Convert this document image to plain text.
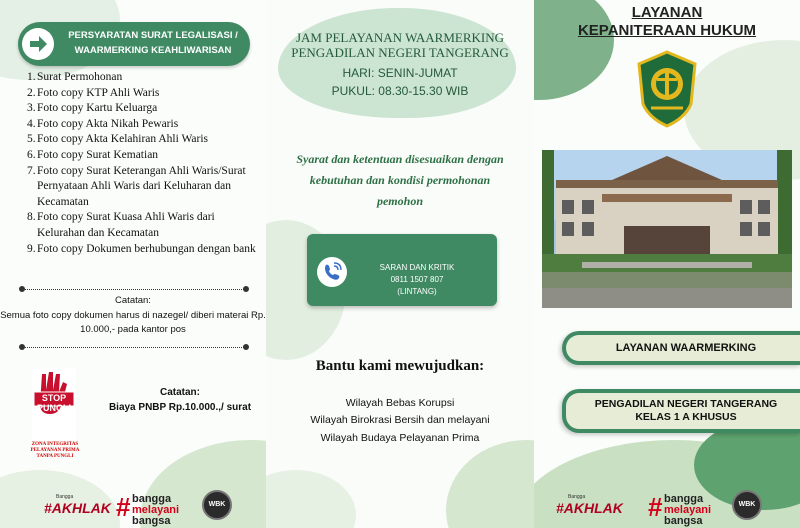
PERSYARATAN SURAT LEGALISASI / WAARMERKING KEAHLIWARISAN
1. Surat Permohonan
2. Foto copy KTP Ahli Waris
3. Foto copy Kartu Keluarga
4. Foto copy Akta Nikah Pewaris
5. Foto copy Akta Kelahiran Ahli Waris
6. Foto copy Surat Kematian
7. Foto copy Surat Keterangan Ahli Waris/Surat Pernyataan Ahli Waris dari Keluharan dan Kecamatan
8. Foto copy Surat Kuasa Ahli Waris dari Kelurahan dan Kecamatan
9. Foto copy Dokumen berhubungan dengan bank
Catatan:
Semua foto copy dokumen harus di nazegel/ diberi materai Rp. 10.000,- pada kantor pos
STOP PUNGLI
ZONA INTEGRITAS PELAYANAN PRIMA TANPA PUNGLI
Catatan:
Biaya PNBP Rp.10.000.,/ surat
Bangga
#AKHLAK # bangga
melayani
bangsa
WBK
JAM PELAYANAN WAARMERKING PENGADILAN NEGERI TANGERANG
HARI: SENIN-JUMAT
PUKUL: 08.30-15.30 WIB
Syarat dan ketentuan disesuaikan dengan kebutuhan dan kondisi permohonan pemohon
SARAN DAN KRITIK
0811 1507 807
(LINTANG)
Bantu kami mewujudkan:
Wilayah Bebas Korupsi
Wilayah Birokrasi Bersih dan melayani
Wilayah Budaya Pelayanan Prima
LAYANAN
KEPANITERAAN HUKUM
LAYANAN WAARMERKING
PENGADILAN NEGERI TANGERANG
KELAS 1 A KHUSUS
Bangga
#AKHLAK # bangga
melayani
bangsa
WBK
